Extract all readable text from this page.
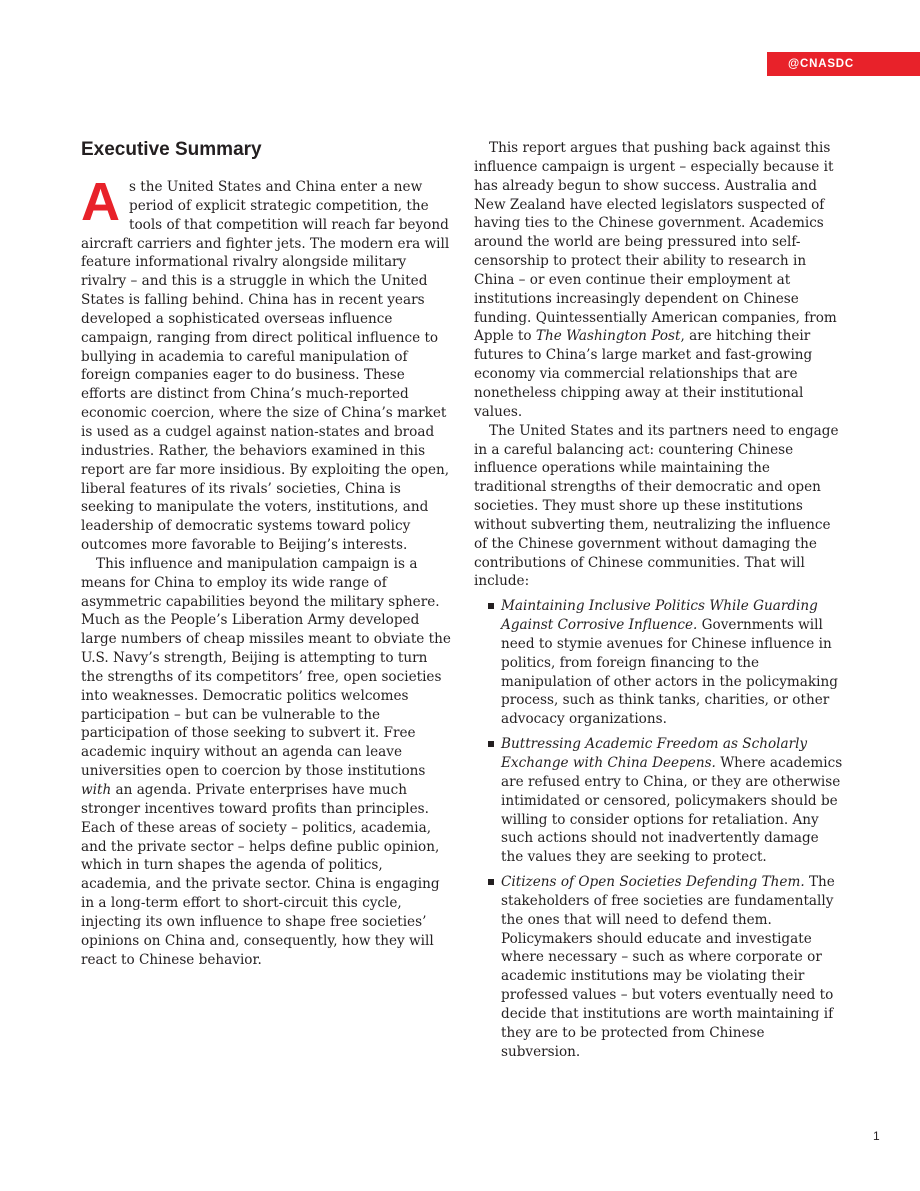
@CNASDC
Executive Summary

As the United States and China enter a new period of explicit strategic competition, the tools of that competition will reach far beyond aircraft carriers and fighter jets. The modern era will feature informational rivalry alongside military rivalry – and this is a struggle in which the United States is falling behind. China has in recent years developed a sophisticated overseas influence campaign, ranging from direct political influence to bullying in academia to careful manipulation of foreign companies eager to do business. These efforts are distinct from China’s much-reported economic coercion, where the size of China’s market is used as a cudgel against nation-states and broad industries. Rather, the behaviors examined in this report are far more insidious. By exploiting the open, liberal features of its rivals’ societies, China is seeking to manipulate the voters, institutions, and leadership of democratic systems toward policy outcomes more favorable to Beijing’s interests.

This influence and manipulation campaign is a means for China to employ its wide range of asymmetric capabilities beyond the military sphere. Much as the People’s Liberation Army developed large numbers of cheap missiles meant to obviate the U.S. Navy’s strength, Beijing is attempting to turn the strengths of its competitors’ free, open societies into weaknesses. Democratic politics welcomes participation – but can be vulnerable to the participation of those seeking to subvert it. Free academic inquiry without an agenda can leave universities open to coercion by those institutions with an agenda. Private enterprises have much stronger incentives toward profits than principles. Each of these areas of society – politics, academia, and the private sector – helps define public opinion, which in turn shapes the agenda of politics, academia, and the private sector. China is engaging in a long-term effort to short-circuit this cycle, injecting its own influence to shape free societies’ opinions on China and, consequently, how they will react to Chinese behavior.

This report argues that pushing back against this influence campaign is urgent – especially because it has already begun to show success. Australia and New Zealand have elected legislators suspected of having ties to the Chinese government. Academics around the world are being pressured into self-censorship to protect their ability to research in China – or even continue their employment at institutions increasingly dependent on Chinese funding. Quintessentially American companies, from Apple to The Washington Post, are hitching their futures to China’s large market and fast-growing economy via commercial relationships that are nonetheless chipping away at their institutional values.

The United States and its partners need to engage in a careful balancing act: countering Chinese influence operations while maintaining the traditional strengths of their democratic and open societies. They must shore up these institutions without subverting them, neutralizing the influence of the Chinese government without damaging the contributions of Chinese communities. That will include:

Maintaining Inclusive Politics While Guarding Against Corrosive Influence. Governments will need to stymie avenues for Chinese influence in politics, from foreign financing to the manipulation of other actors in the policymaking process, such as think tanks, charities, or other advocacy organizations.
Buttressing Academic Freedom as Scholarly Exchange with China Deepens. Where academics are refused entry to China, or they are otherwise intimidated or censored, policymakers should be willing to consider options for retaliation. Any such actions should not inadvertently damage the values they are seeking to protect.
Citizens of Open Societies Defending Them. The stakeholders of free societies are fundamentally the ones that will need to defend them. Policymakers should educate and investigate where necessary – such as where corporate or academic institutions may be violating their professed values – but voters eventually need to decide that institutions are worth maintaining if they are to be protected from Chinese subversion.
1
